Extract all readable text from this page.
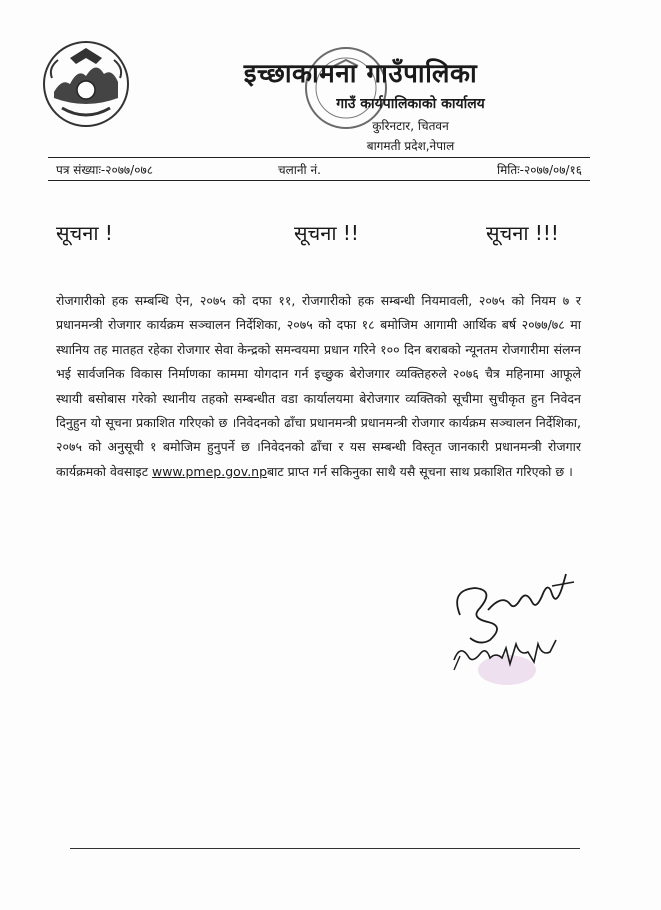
इच्छाकामना गाउँपालिका
गाउँ कार्यपालिकाको कार्यालय
कुरिनटार, चितवन
बागमती प्रदेश,नेपाल
पत्र संख्याः-२०७७/०७८	चलानी नं.	मितिः-२०७७/०७/१६
सूचना !	सूचना !!	सूचना !!!
रोजगारीको हक सम्बन्धि ऐन, २०७५ को दफा ११, रोजगारीको हक सम्बन्धी नियमावली, २०७५ को नियम ७ र प्रधानमन्त्री रोजगार कार्यक्रम सञ्चालन निर्देशिका, २०७५ को दफा १८ बमोजिम आगामी आर्थिक बर्ष २०७७/७८ मा स्थानिय तह मातहत रहेका रोजगार सेवा केन्द्रको समन्वयमा प्रधान गरिने १०० दिन बराबको न्यूनतम रोजगारीमा संलग्न भई सार्वजनिक विकास निर्माणका काममा योगदान गर्न इच्छुक बेरोजगार व्यक्तिहरुले २०७६ चैत्र महिनामा आफूले स्थायी बसोबास गरेको स्थानीय तहको सम्बन्धीत वडा कार्यालयमा बेरोजगार व्यक्तिको सूचीमा सुचीकृत हुन निवेदन दिनुहुन यो सूचना प्रकाशित गरिएको छ ।निवेदनको ढाँचा प्रधानमन्त्री प्रधानमन्त्री रोजगार कार्यक्रम सञ्चालन निर्देशिका, २०७५ को अनुसूची १ बमोजिम हुनुपर्ने छ ।निवेदनको ढाँचा र यस सम्बन्धी विस्तृत जानकारी प्रधानमन्त्री रोजगार कार्यक्रमको वेवसाइट www.pmep.gov.npबाट प्राप्त गर्न सकिनुका साथै यसै सूचना साथ प्रकाशित गरिएको छ ।
